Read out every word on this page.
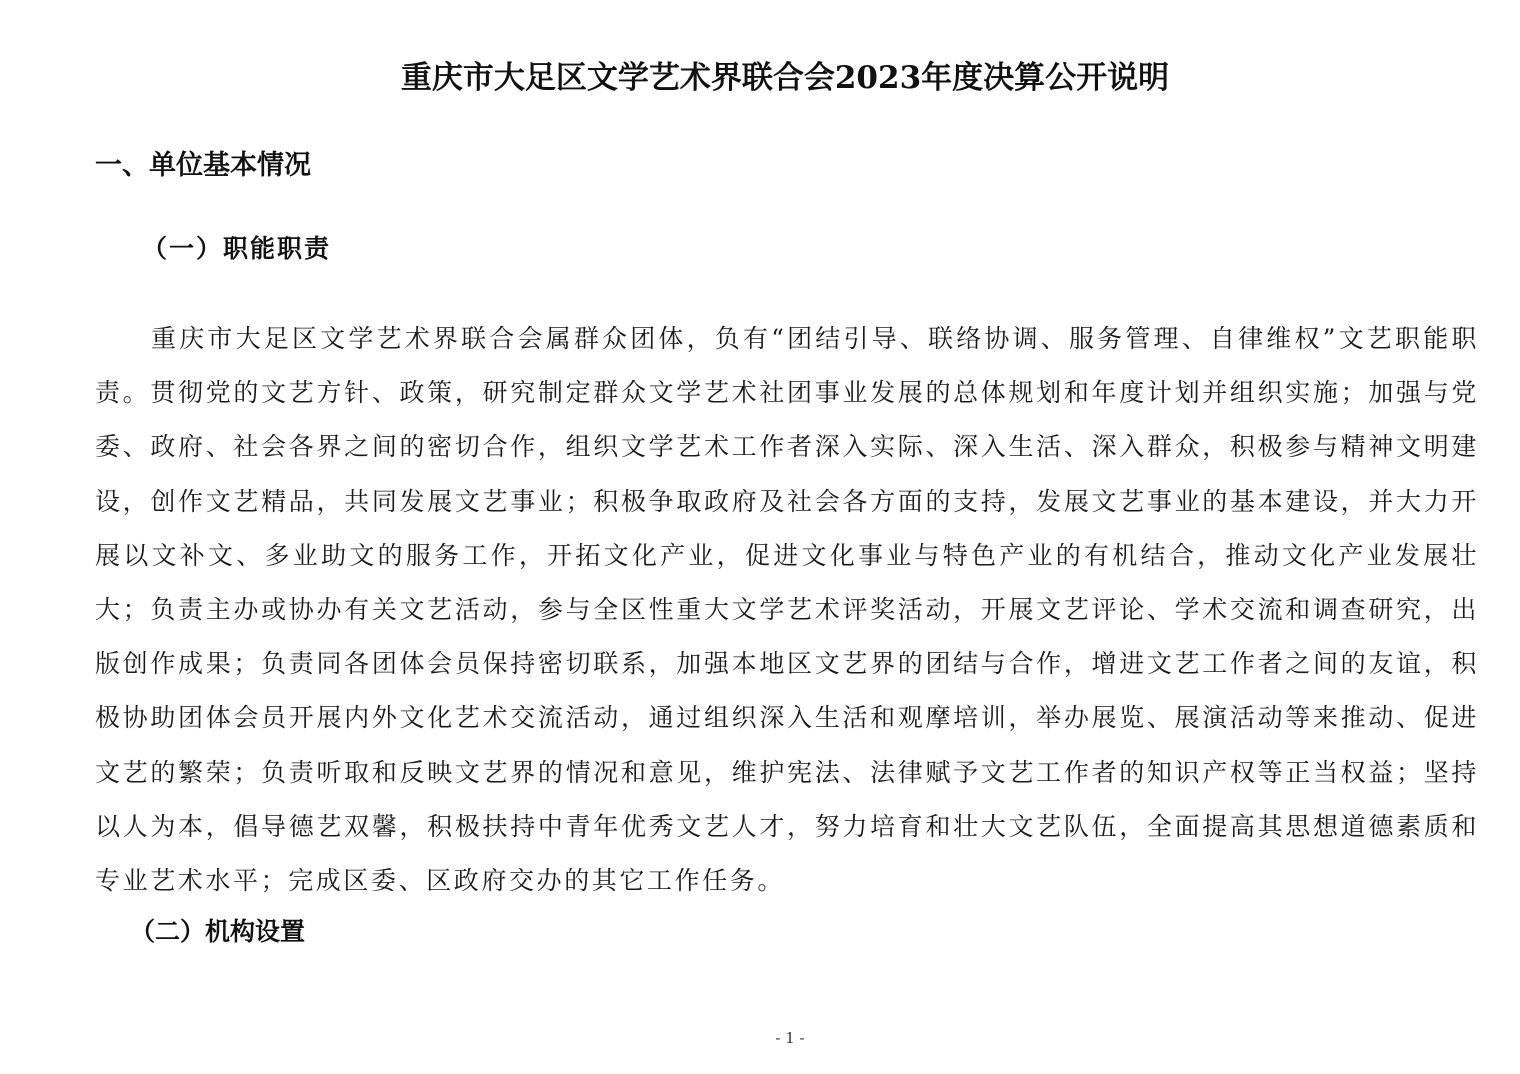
重庆市大足区文学艺术界联合会2023年度决算公开说明
一、单位基本情况
（一）职能职责

重庆市大足区文学艺术界联合会属群众团体，负有“团结引导、联络协调、服务管理、自律维权”文艺职能职责。贯彻党的文艺方针、政策，研究制定群众文学艺术社团事业发展的总体规划和年度计划并组织实施；加强与党委、政府、社会各界之间的密切合作，组织文学艺术工作者深入实际、深入生活、深入群众，积极参与精神文明建设，创作文艺精品，共同发展文艺事业；积极争取政府及社会各方面的支持，发展文艺事业的基本建设，并大力开展以文补文、多业助文的服务工作，开拓文化产业，促进文化事业与特色产业的有机结合，推动文化产业发展壮大；负责主办或协办有关文艺活动，参与全区性重大文学艺术评奖活动，开展文艺评论、学术交流和调查研究，出版创作成果；负责同各团体会员保持密切联系，加强本地区文艺界的团结与合作，增进文艺工作者之间的友谊，积极协助团体会员开展内外文化艺术交流活动，通过组织深入生活和观摩培训，举办展览、展演活动等来推动、促进文艺的繁荣；负责听取和反映文艺界的情况和意见，维护宪法、法律赋予文艺工作者的知识产权等正当权益；坚持以人为本，倡导德艺双馨，积极扶持中青年优秀文艺人才，努力培育和壮大文艺队伍，全面提高其思想道德素质和专业艺术水平；完成区委、区政府交办的其它工作任务。

（二）机构设置
- 1 -
